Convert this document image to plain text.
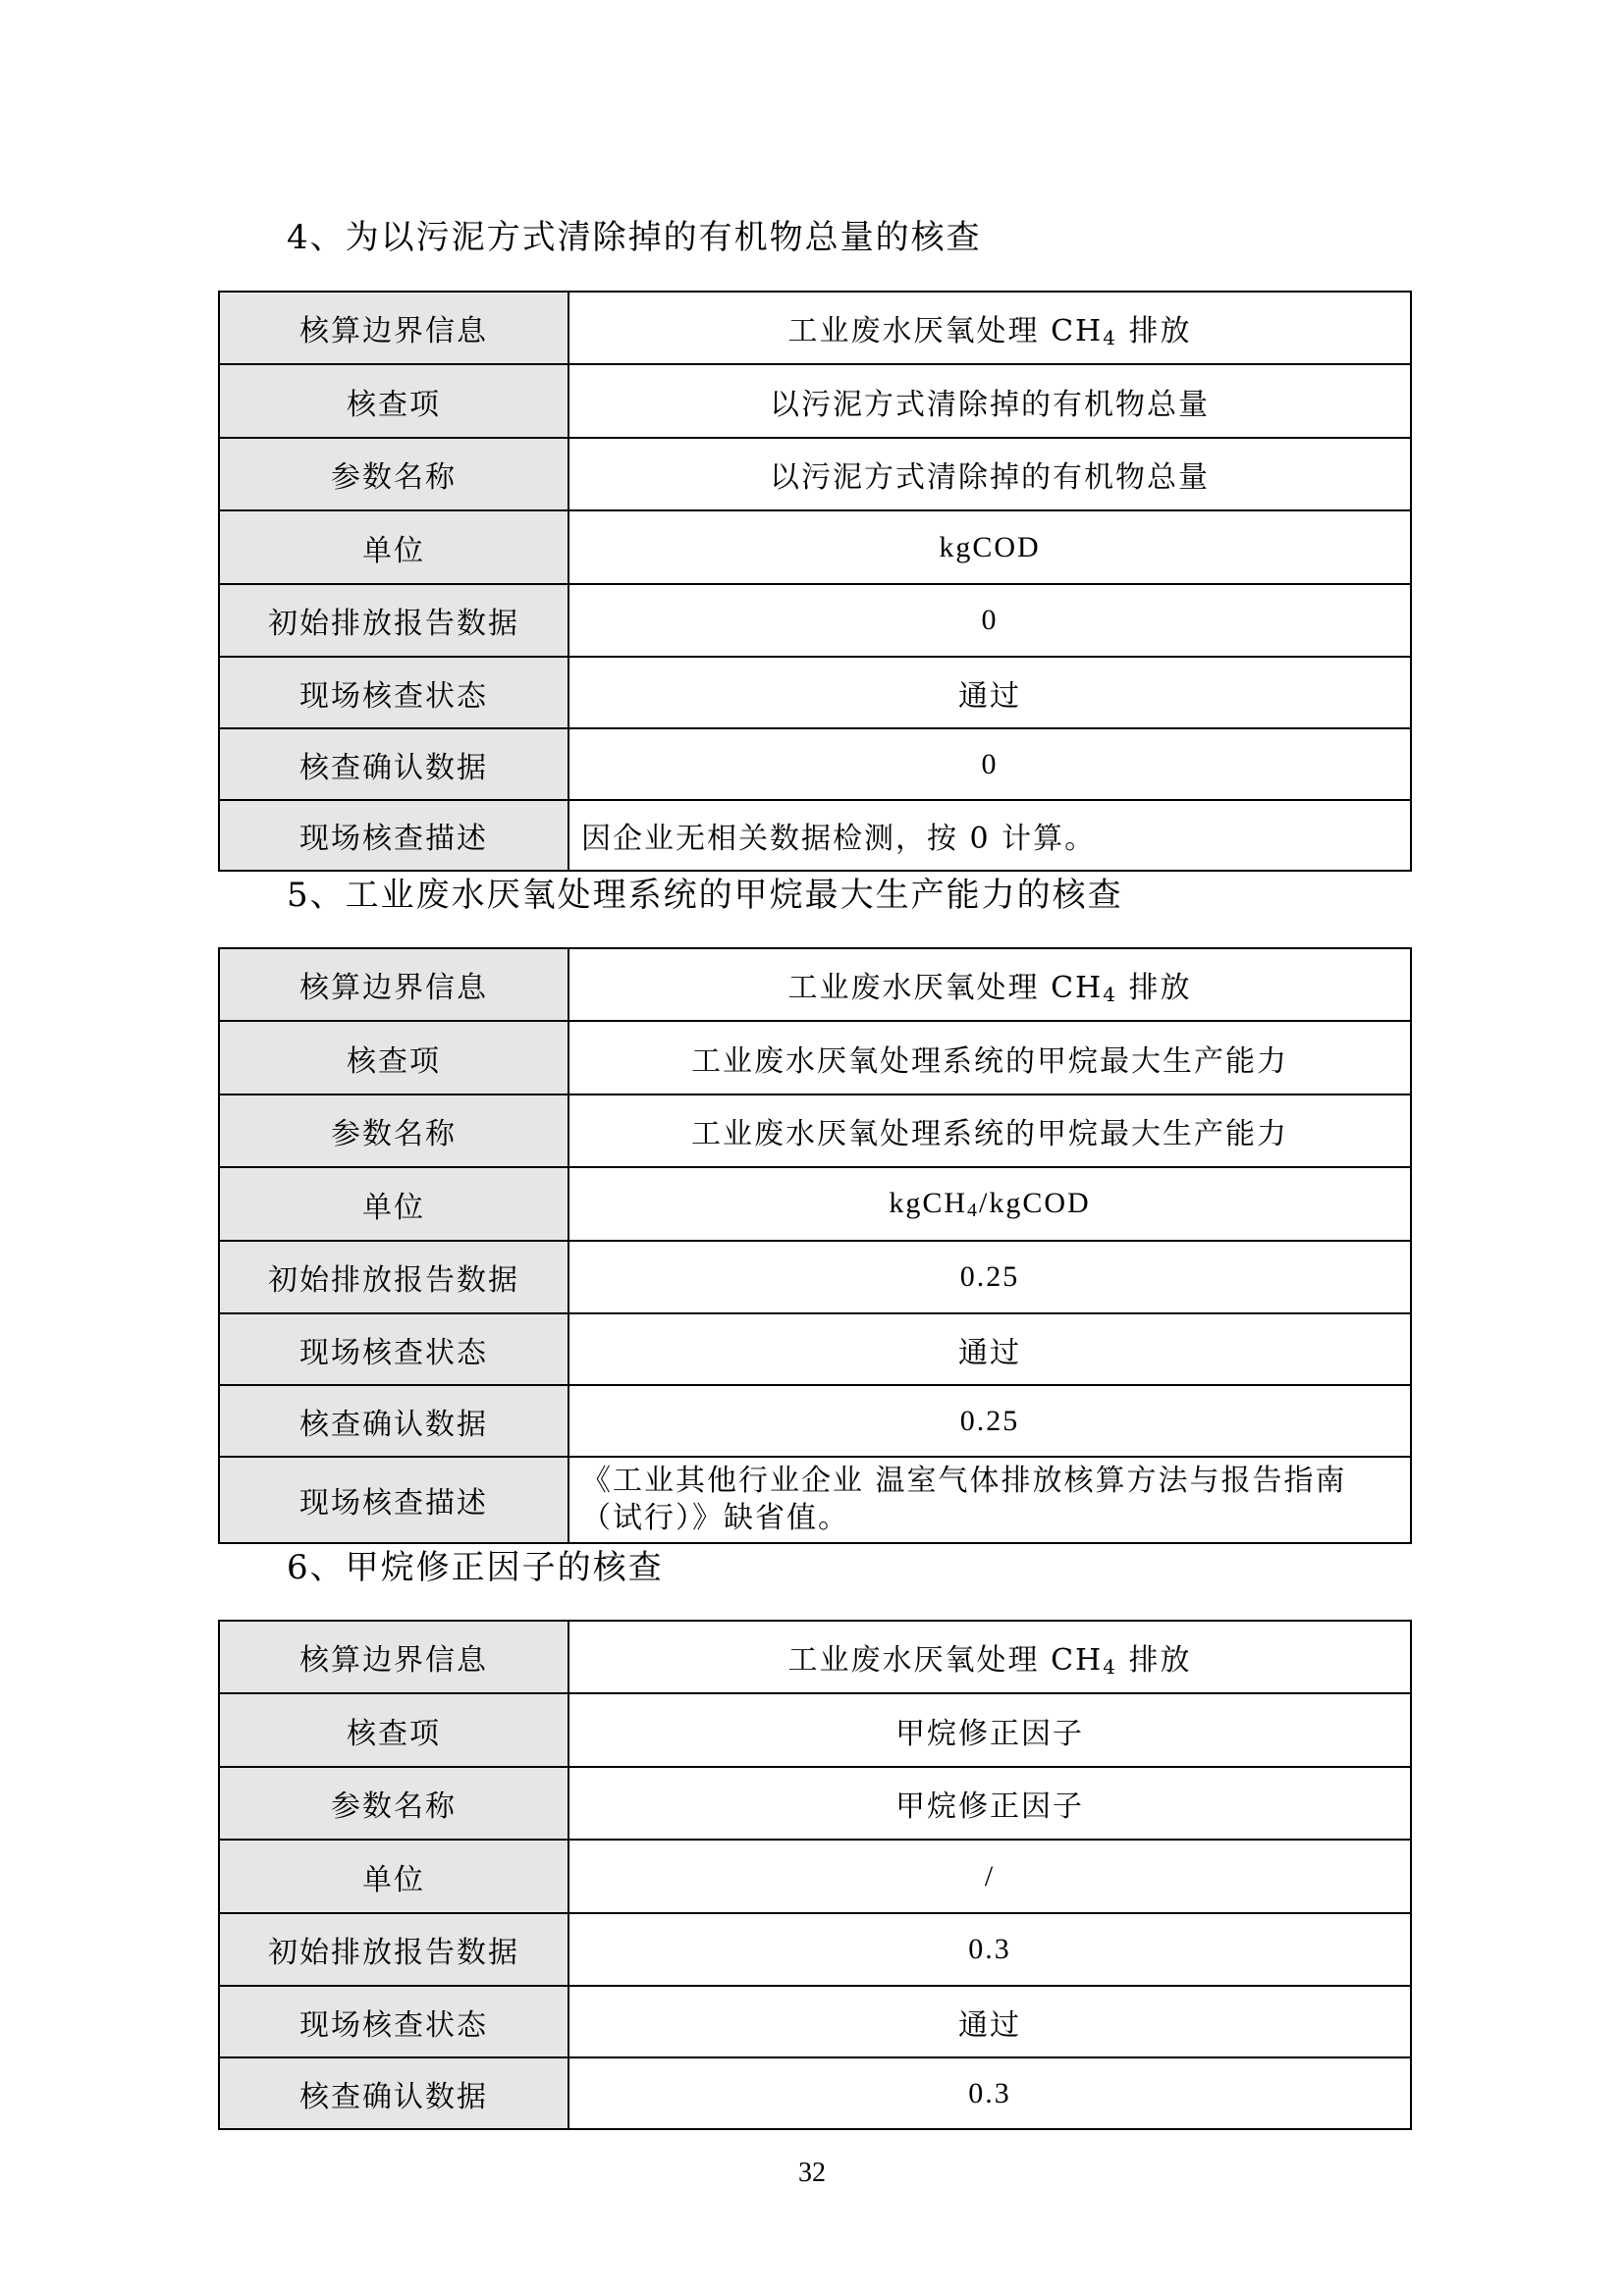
4、为以污泥方式清除掉的有机物总量的核查
核算边界信息	工业废水厌氧处理 $CH_4$ 排放
核查项	以污泥方式清除掉的有机物总量
参数名称	以污泥方式清除掉的有机物总量
单位	kgCOD
初始排放报告数据	0
现场核查状态	通过
核查确认数据	0
现场核查描述	因企业无相关数据检测，按 0 计算。
5、工业废水厌氧处理系统的甲烷最大生产能力的核查
核算边界信息	工业废水厌氧处理 $CH_4$ 排放
核查项	工业废水厌氧处理系统的甲烷最大生产能力
参数名称	工业废水厌氧处理系统的甲烷最大生产能力
单位	kgCH$_4$/kgCOD
初始排放报告数据	0.25
现场核查状态	通过
核查确认数据	0.25
现场核查描述	《工业其他行业企业 温室气体排放核算方法与报告指南（试行）》缺省值。
6、甲烷修正因子的核查
核算边界信息	工业废水厌氧处理 $CH_4$ 排放
核查项	甲烷修正因子
参数名称	甲烷修正因子
单位	/
初始排放报告数据	0.3
现场核查状态	通过
核查确认数据	0.3
32
